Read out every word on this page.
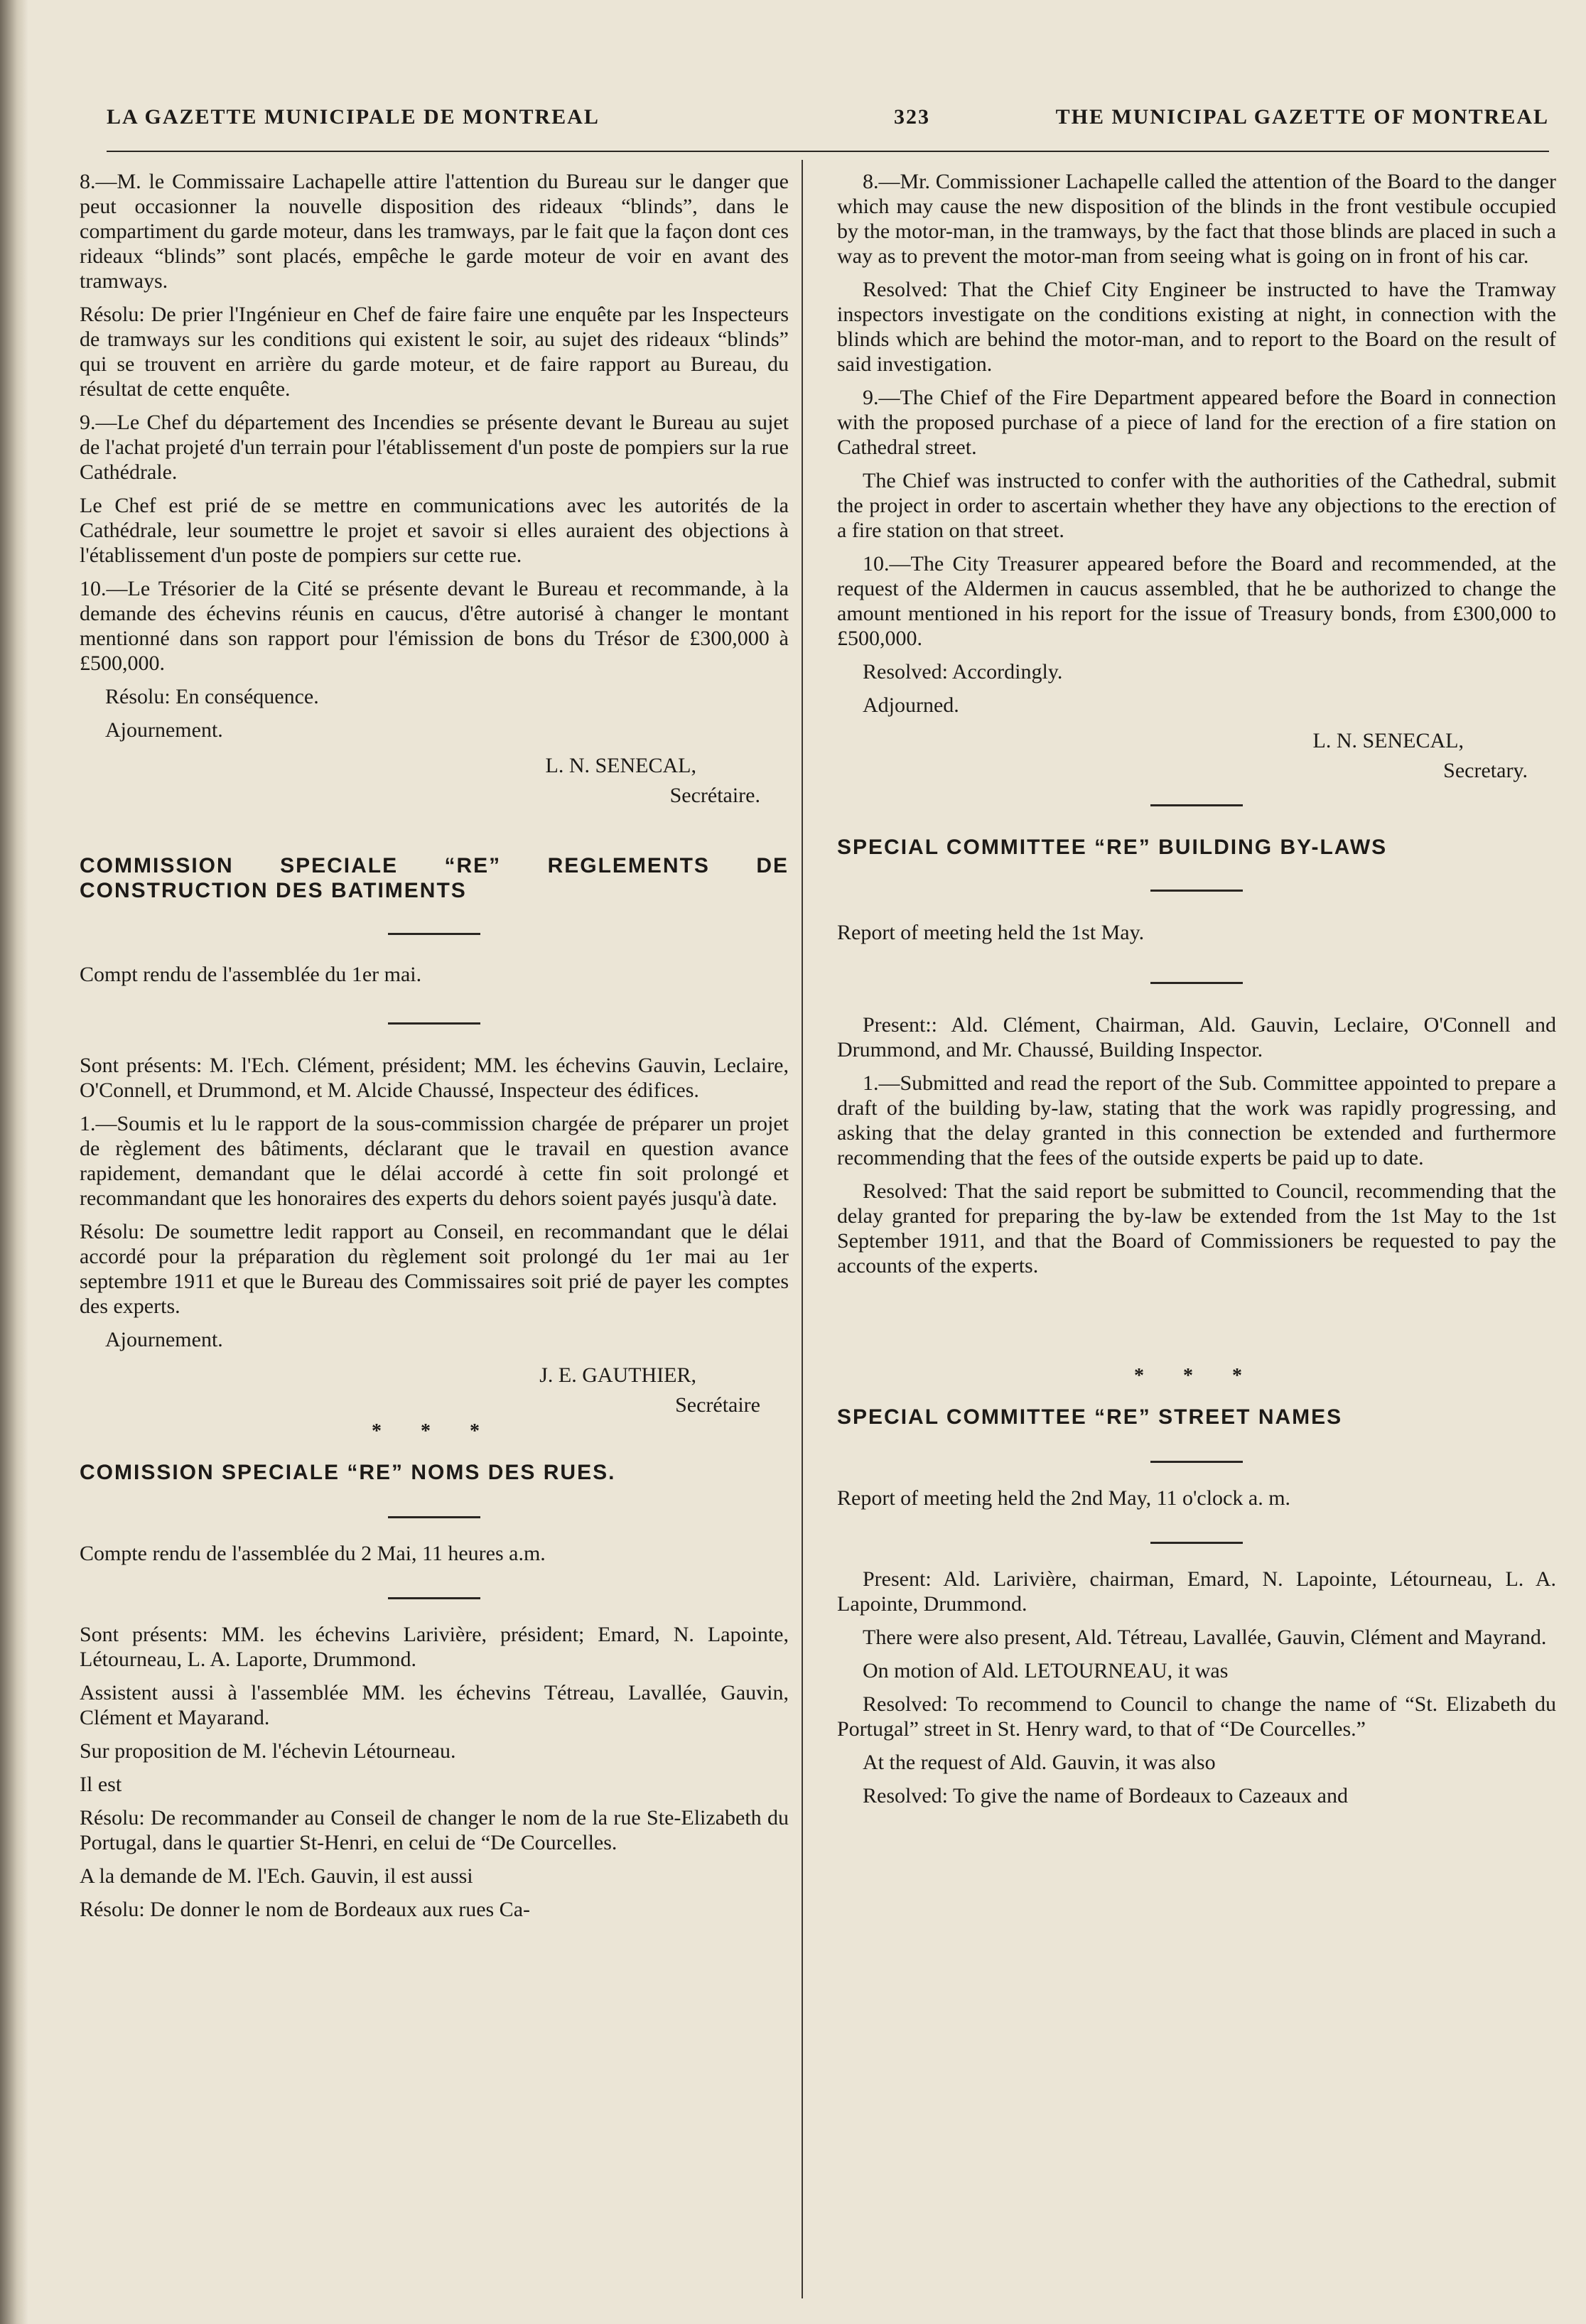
LA GAZETTE MUNICIPALE DE MONTREAL	323	THE MUNICIPAL GAZETTE OF MONTREAL

8.—M. le Commissaire Lachapelle attire l'attention du Bureau sur le danger que peut occasionner la nouvelle disposition des rideaux “blinds”, dans le compartiment du garde moteur, dans les tramways, par le fait que la façon dont ces rideaux “blinds” sont placés, empêche le garde moteur de voir en avant des tramways.

Résolu: De prier l'Ingénieur en Chef de faire faire une enquête par les Inspecteurs de tramways sur les conditions qui existent le soir, au sujet des rideaux “blinds” qui se trouvent en arrière du garde moteur, et de faire rapport au Bureau, du résultat de cette enquête.

9.—Le Chef du département des Incendies se présente devant le Bureau au sujet de l'achat projeté d'un terrain pour l'établissement d'un poste de pompiers sur la rue Cathédrale.

Le Chef est prié de se mettre en communications avec les autorités de la Cathédrale, leur soumettre le projet et savoir si elles auraient des objections à l'établissement d'un poste de pompiers sur cette rue.

10.—Le Trésorier de la Cité se présente devant le Bureau et recommande, à la demande des échevins réunis en caucus, d'être autorisé à changer le montant mentionné dans son rapport pour l'émission de bons du Trésor de £300,000 à £500,000.

Résolu: En conséquence.

Ajournement.

L. N. SENECAL,
Secrétaire.

COMMISSION SPECIALE “RE” REGLEMENTS DE CONSTRUCTION DES BATIMENTS

Compt rendu de l'assemblée du 1er mai.

Sont présents: M. l'Ech. Clément, président; MM. les échevins Gauvin, Leclaire, O'Connell, et Drummond, et M. Alcide Chaussé, Inspecteur des édifices.

1.—Soumis et lu le rapport de la sous-commission chargée de préparer un projet de règlement des bâtiments, déclarant que le travail en question avance rapidement, demandant que le délai accordé à cette fin soit prolongé et recommandant que les honoraires des experts du dehors soient payés jusqu'à date.

Résolu: De soumettre ledit rapport au Conseil, en recommandant que le délai accordé pour la préparation du règlement soit prolongé du 1er mai au 1er septembre 1911 et que le Bureau des Commissaires soit prié de payer les comptes des experts.

Ajournement.

J. E. GAUTHIER,
Secrétaire
* * *

COMISSION SPECIALE “RE” NOMS DES RUES.

Compte rendu de l'assemblée du 2 Mai, 11 heures a.m.

Sont présents: MM. les échevins Larivière, président; Emard, N. Lapointe, Létourneau, L. A. Laporte, Drummond.

Assistent aussi à l'assemblée MM. les échevins Tétreau, Lavallée, Gauvin, Clément et Mayarand.

Sur proposition de M. l'échevin Létourneau.

Il est

Résolu: De recommander au Conseil de changer le nom de la rue Ste-Elizabeth du Portugal, dans le quartier St-Henri, en celui de “De Courcelles.

A la demande de M. l'Ech. Gauvin, il est aussi

Résolu: De donner le nom de Bordeaux aux rues Ca-

8.—Mr. Commissioner Lachapelle called the attention of the Board to the danger which may cause the new disposition of the blinds in the front vestibule occupied by the motor-man, in the tramways, by the fact that those blinds are placed in such a way as to prevent the motor-man from seeing what is going on in front of his car.

Resolved: That the Chief City Engineer be instructed to have the Tramway inspectors investigate on the conditions existing at night, in connection with the blinds which are behind the motor-man, and to report to the Board on the result of said investigation.

9.—The Chief of the Fire Department appeared before the Board in connection with the proposed purchase of a piece of land for the erection of a fire station on Cathedral street.

The Chief was instructed to confer with the authorities of the Cathedral, submit the project in order to ascertain whether they have any objections to the erection of a fire station on that street.

10.—The City Treasurer appeared before the Board and recommended, at the request of the Aldermen in caucus assembled, that he be authorized to change the amount mentioned in his report for the issue of Treasury bonds, from £300,000 to £500,000.

Resolved: Accordingly.

Adjourned.

L. N. SENECAL,
Secretary.

SPECIAL COMMITTEE “RE” BUILDING BY-LAWS

Report of meeting held the 1st May.

Present:: Ald. Clément, Chairman, Ald. Gauvin, Leclaire, O'Connell and Drummond, and Mr. Chaussé, Building Inspector.

1.—Submitted and read the report of the Sub. Committee appointed to prepare a draft of the building by-law, stating that the work was rapidly progressing, and asking that the delay granted in this connection be extended and furthermore recommending that the fees of the outside experts be paid up to date.

Resolved: That the said report be submitted to Council, recommending that the delay granted for preparing the by-law be extended from the 1st May to the 1st September 1911, and that the Board of Commissioners be requested to pay the accounts of the experts.

* * *

SPECIAL COMMITTEE “RE” STREET NAMES

Report of meeting held the 2nd May, 11 o'clock a. m.

Present: Ald. Larivière, chairman, Emard, N. Lapointe, Létourneau, L. A. Lapointe, Drummond.

There were also present, Ald. Tétreau, Lavallée, Gauvin, Clément and Mayrand.

On motion of Ald. LETOURNEAU, it was

Resolved: To recommend to Council to change the name of “St. Elizabeth du Portugal” street in St. Henry ward, to that of “De Courcelles.”

At the request of Ald. Gauvin, it was also

Resolved: To give the name of Bordeaux to Cazeaux and
